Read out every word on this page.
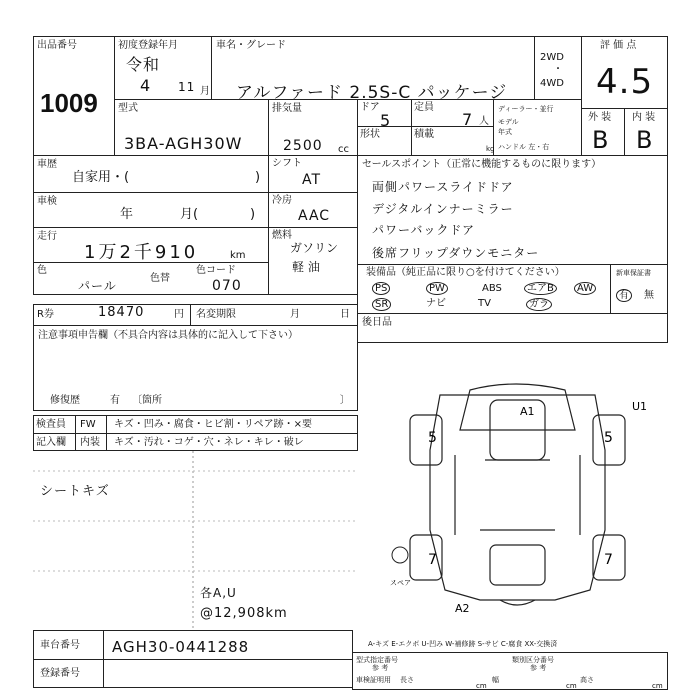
出品番号
1009
初度登録年月
令和
4 11 月
車名・グレード
アルファード 2.5S-C パッケージ
2WD
・
4WD
評 価 点
4.5
外 装 内 装
B B
型式
3BA-AGH30W
排気量
2500 cc
ドア
5
定員
7 人
ディーラー・並行
年式
モデル
形状	積載
kg ハンドル 左・右
車歴
自家用・(	)
シフト
AT
車検
年	月(	)
冷房
AAC
走行
1万2千910	km
燃料
ガソリン
軽 油
色
パール
色替
色コード
070
R券	18470	円 名変期限	月	日
注意事項申告欄（不具合内容は具体的に記入して下さい）
修復歴	有 〔箇所	〕
セールスポイント（正常に機能するものに限ります）
両側パワースライドドア
デジタルインナーミラー
パワーバックドア
後席フリップダウンモニター
装備品（純正品に限り○を付けてください）
PS	PW	ABS	エアB	AW
SR	ナビ	TV	ガラ
新車保証書
有	無
後日品
検査員
記入欄
FW キズ・凹み・腐食・ヒビ割・リペア跡・×要
内装 キズ・汚れ・コゲ・穴・ネレ・キレ・破レ
シートキズ
各A,U
@12,908km
A1	U1
A2
5	5
7	7
スペア
A-キズ E-エクボ U-凹み W-補修跡 S-サビ C-腐食 XX-交換済
車台番号 AGH30-0441288
登録番号
型式指定番号	類別区分番号
参 考	参 考
車検証明用 長さ
cm
幅
cm
高さ
cm
